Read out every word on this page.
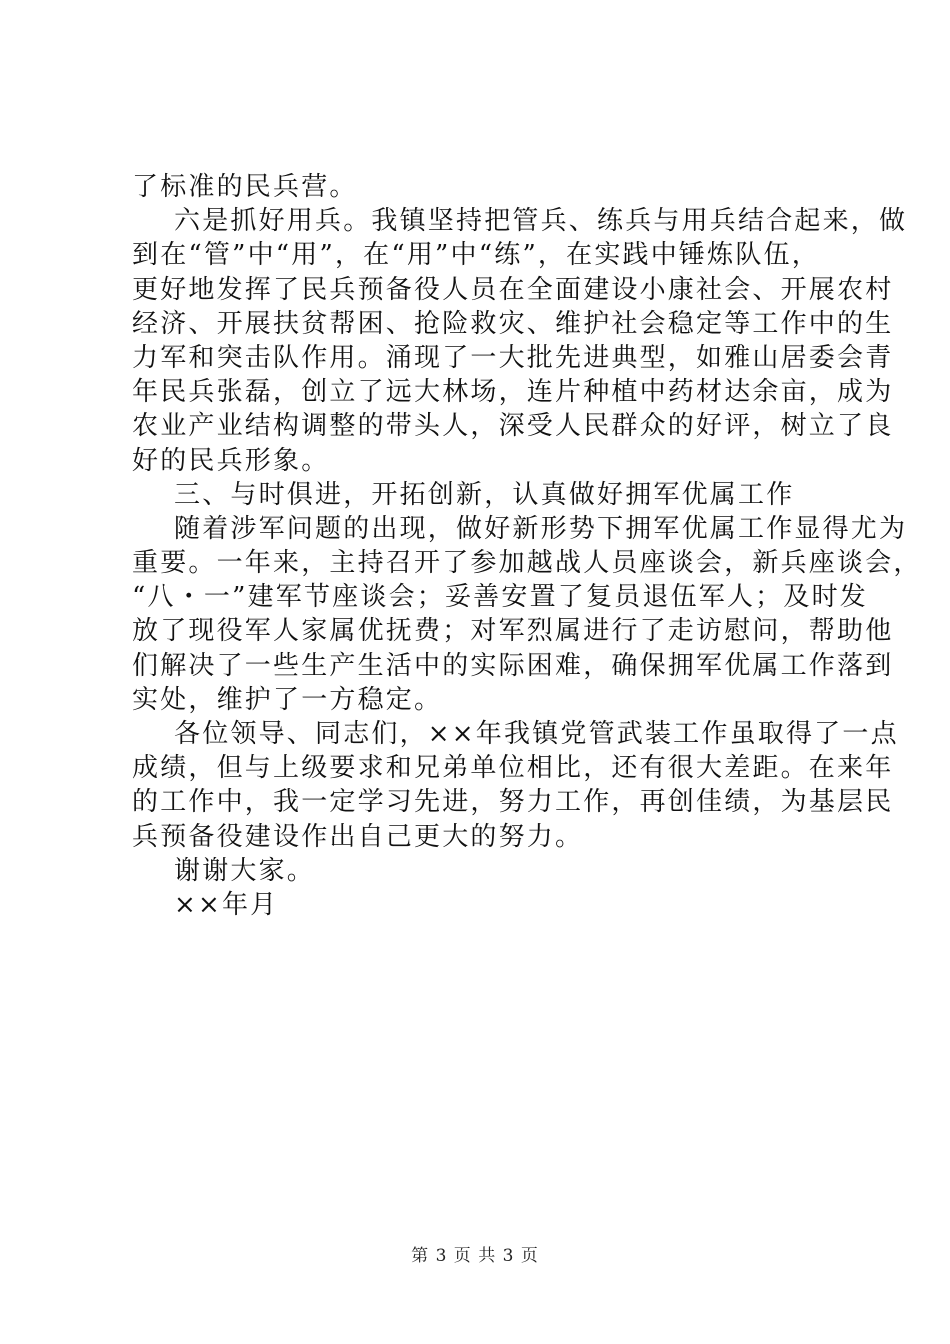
了标准的民兵营。
六是抓好用兵。我镇坚持把管兵、练兵与用兵结合起来，做
到在“管”中“用”，在“用”中“练”，在实践中锤炼队伍，
更好地发挥了民兵预备役人员在全面建设小康社会、开展农村
经济、开展扶贫帮困、抢险救灾、维护社会稳定等工作中的生
力军和突击队作用。涌现了一大批先进典型，如雅山居委会青
年民兵张磊，创立了远大林场，连片种植中药材达余亩，成为
农业产业结构调整的带头人，深受人民群众的好评，树立了良
好的民兵形象。
三、与时俱进，开拓创新，认真做好拥军优属工作
随着涉军问题的出现，做好新形势下拥军优属工作显得尤为
重要。一年来，主持召开了参加越战人员座谈会，新兵座谈会，
“八・一”建军节座谈会；妥善安置了复员退伍军人；及时发
放了现役军人家属优抚费；对军烈属进行了走访慰问，帮助他
们解决了一些生产生活中的实际困难，确保拥军优属工作落到
实处，维护了一方稳定。
各位领导、同志们，××年我镇党管武装工作虽取得了一点
成绩，但与上级要求和兄弟单位相比，还有很大差距。在来年
的工作中，我一定学习先进，努力工作，再创佳绩，为基层民
兵预备役建设作出自己更大的努力。
谢谢大家。
××年月
第 3 页 共 3 页
